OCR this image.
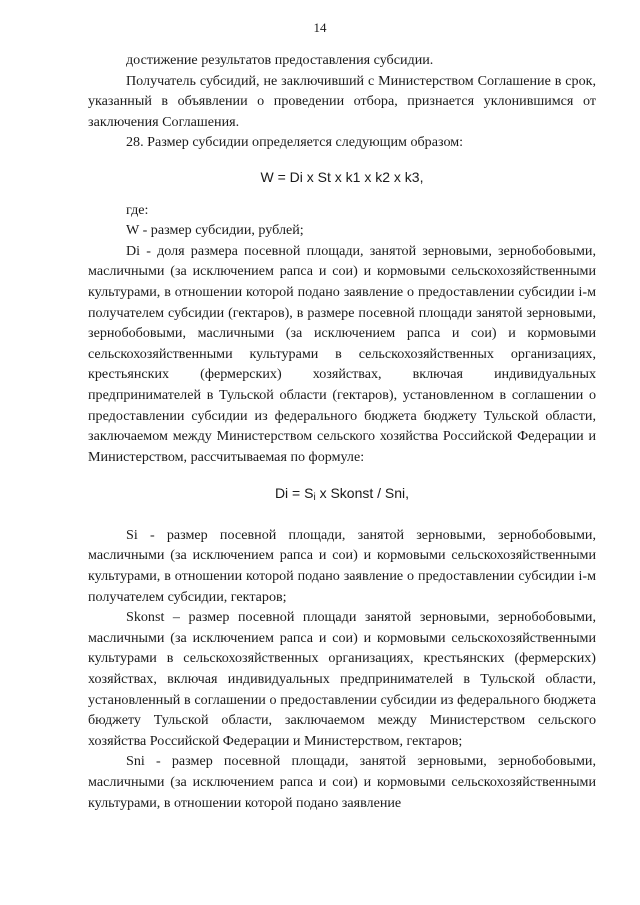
14

достижение результатов предоставления субсидии.

Получатель субсидий, не заключивший с Министерством Соглашение в срок, указанный в объявлении о проведении отбора, признается уклонившимся от заключения Соглашения.

28. Размер субсидии определяется следующим образом:

W = Di x St x k1 x k2 x k3,

где:

W - размер субсидии, рублей;

Di - доля размера посевной площади, занятой зерновыми, зернобобовыми, масличными (за исключением рапса и сои) и кормовыми сельскохозяйственными культурами, в отношении которой подано заявление о предоставлении субсидии i-м получателем субсидии (гектаров), в размере посевной площади занятой зерновыми, зернобобовыми, масличными (за исключением рапса и сои) и кормовыми сельскохозяйственными культурами в сельскохозяйственных организациях, крестьянских (фермерских) хозяйствах, включая индивидуальных предпринимателей в Тульской области (гектаров), установленном в соглашении о предоставлении субсидии из федерального бюджета бюджету Тульской области, заключаемом между Министерством сельского хозяйства Российской Федерации и Министерством, рассчитываемая по формуле:

$Di = S_i$ x Skonst / Sni,

Si - размер посевной площади, занятой зерновыми, зернобобовыми, масличными (за исключением рапса и сои) и кормовыми сельскохозяйственными культурами, в отношении которой подано заявление о предоставлении субсидии i-м получателем субсидии, гектаров;

Skonst – размер посевной площади занятой зерновыми, зернобобовыми, масличными (за исключением рапса и сои) и кормовыми сельскохозяйственными культурами в сельскохозяйственных организациях, крестьянских (фермерских) хозяйствах, включая индивидуальных предпринимателей в Тульской области, установленный в соглашении о предоставлении субсидии из федерального бюджета бюджету Тульской области, заключаемом между Министерством сельского хозяйства Российской Федерации и Министерством, гектаров;

Sni - размер посевной площади, занятой зерновыми, зернобобовыми, масличными (за исключением рапса и сои) и кормовыми сельскохозяйственными культурами, в отношении которой подано заявление
